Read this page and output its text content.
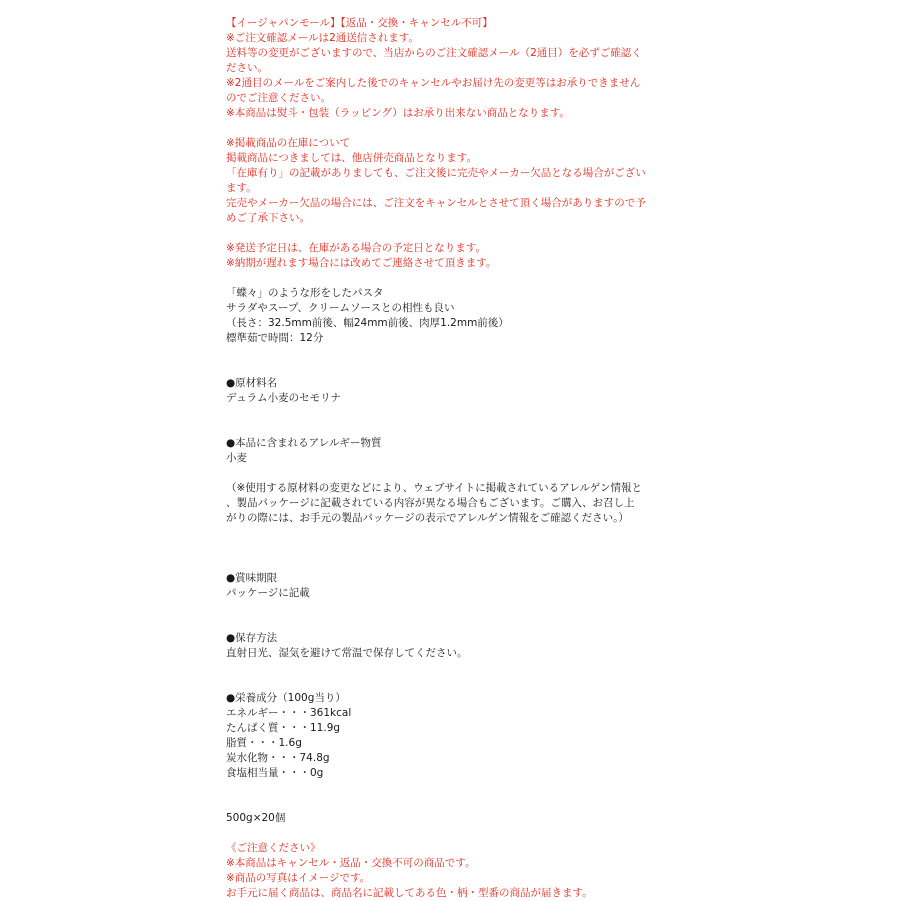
【イージャパンモール】【返品・交換・キャンセル不可】
※ご注文確認メールは2通送信されます。
送料等の変更がございますので、当店からのご注文確認メール（2通目）を必ずご確認く
ださい。
※2通目のメールをご案内した後でのキャンセルやお届け先の変更等はお承りできません
のでご注意ください。
※本商品は熨斗・包装（ラッピング）はお承り出来ない商品となります。
※掲載商品の在庫について
掲載商品につきましては、他店併売商品となります。
「在庫有り」の記載がありましても、ご注文後に完売やメーカー欠品となる場合がござい
ます。
完売やメーカー欠品の場合には、ご注文をキャンセルとさせて頂く場合がありますので予
めご了承下さい。
※発送予定日は、在庫がある場合の予定日となります。
※納期が遅れます場合には改めてご連絡させて頂きます。
「蝶々」のような形をしたパスタ
サラダやスープ、クリームソースとの相性も良い
（長さ：32.5mm前後、幅24mm前後、肉厚1.2mm前後）
標準茹で時間：12分
●原材料名
デュラム小麦のセモリナ
●本品に含まれるアレルギー物質
小麦
（※使用する原材料の変更などにより、ウェブサイトに掲載されているアレルゲン情報と
、製品パッケージに記載されている内容が異なる場合もございます。ご購入、お召し上
がりの際には、お手元の製品パッケージの表示でアレルゲン情報をご確認ください。）
●賞味期限
パッケージに記載
●保存方法
直射日光、湿気を避けて常温で保存してください。
●栄養成分（100g当り）
エネルギー・・・361kcal
たんぱく質・・・11.9g
脂質・・・1.6g
炭水化物・・・74.8g
食塩相当量・・・0g
500g×20個
《ご注意ください》
※本商品はキャンセル・返品・交換不可の商品です。
※商品の写真はイメージです。
お手元に届く商品は、商品名に記載してある色・柄・型番の商品が届きます。
